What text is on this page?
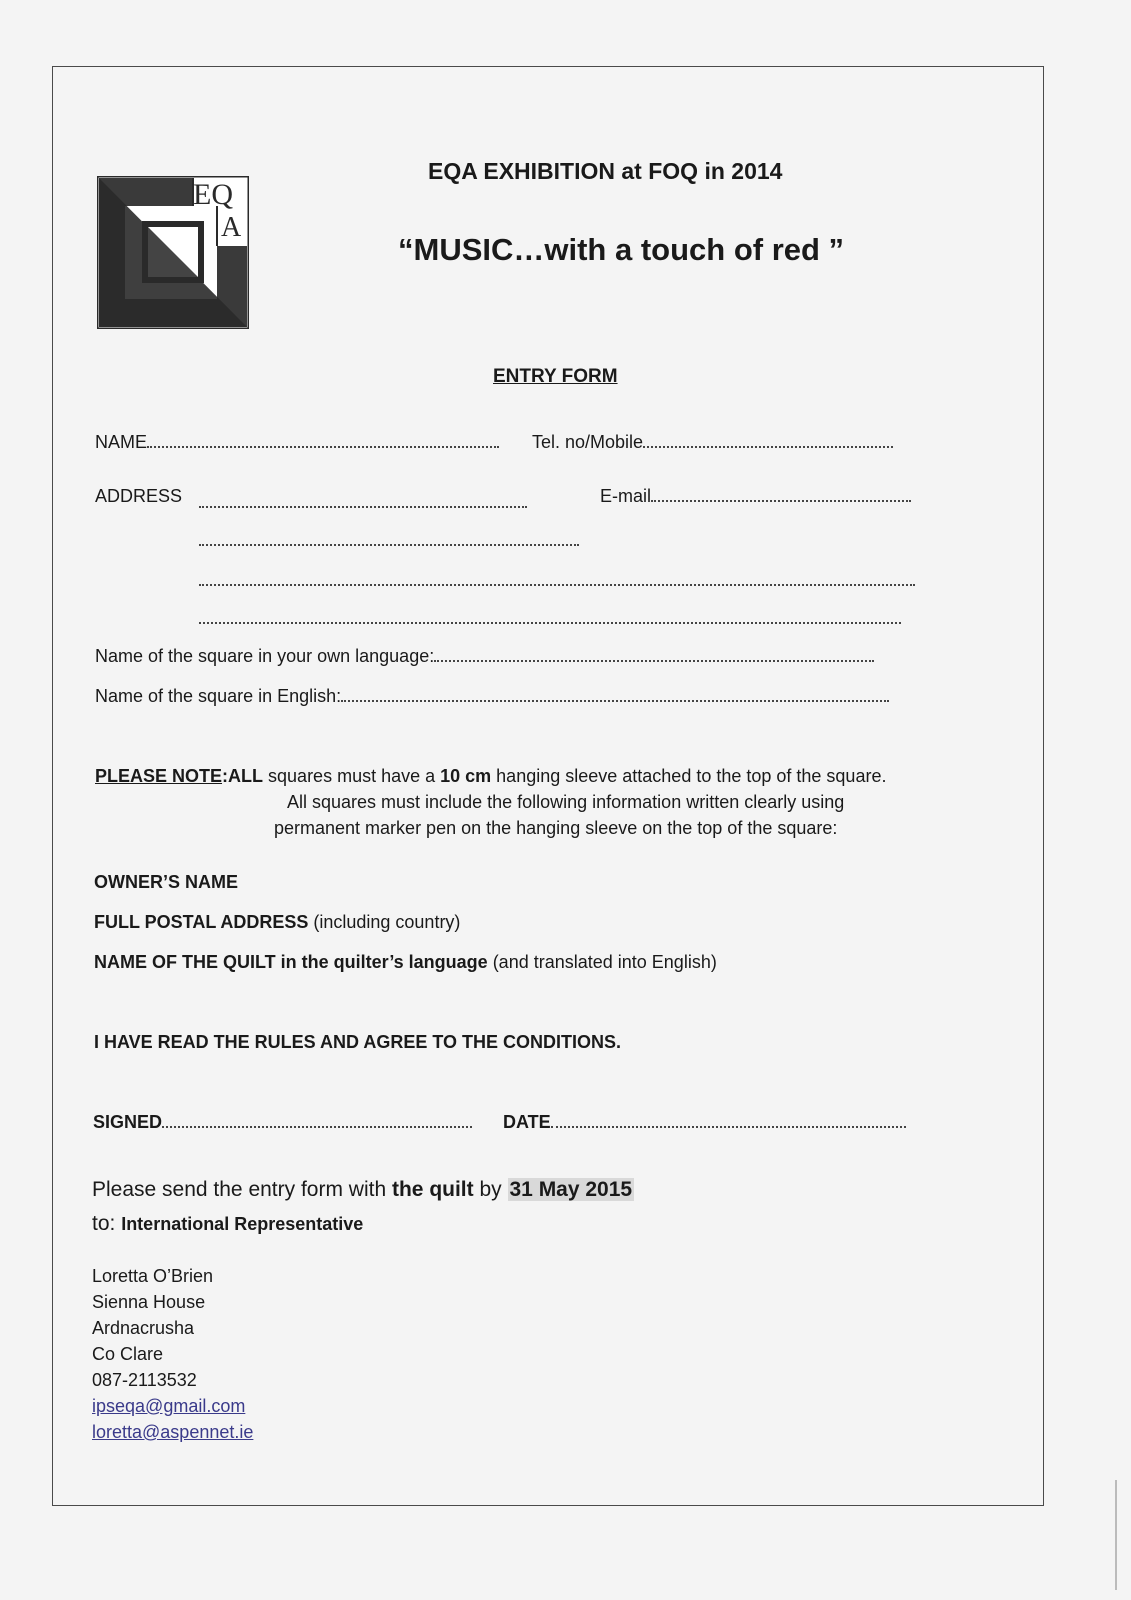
EQ
A
EQA EXHIBITION at FOQ in 2014
“MUSIC…with a touch of red ”
ENTRY FORM
NAME	Tel. no/Mobile
ADDRESS	E-mail
Name of the square in your own language:
Name of the square in English:
PLEASE NOTE:ALL squares must have a 10 cm hanging sleeve attached to the top of the square.
All squares must include the following information written clearly using
permanent marker pen on the hanging sleeve on the top of the square:
OWNER’S NAME
FULL POSTAL ADDRESS (including country)
NAME OF THE QUILT in the quilter’s language (and translated into English)
I HAVE READ THE RULES AND AGREE TO THE CONDITIONS.
SIGNED	DATE
Please send the entry form with the quilt by 31 May 2015
to: International Representative
Loretta O’Brien
Sienna House
Ardnacrusha
Co Clare
087-2113532
ipseqa@gmail.com
loretta@aspennet.ie
